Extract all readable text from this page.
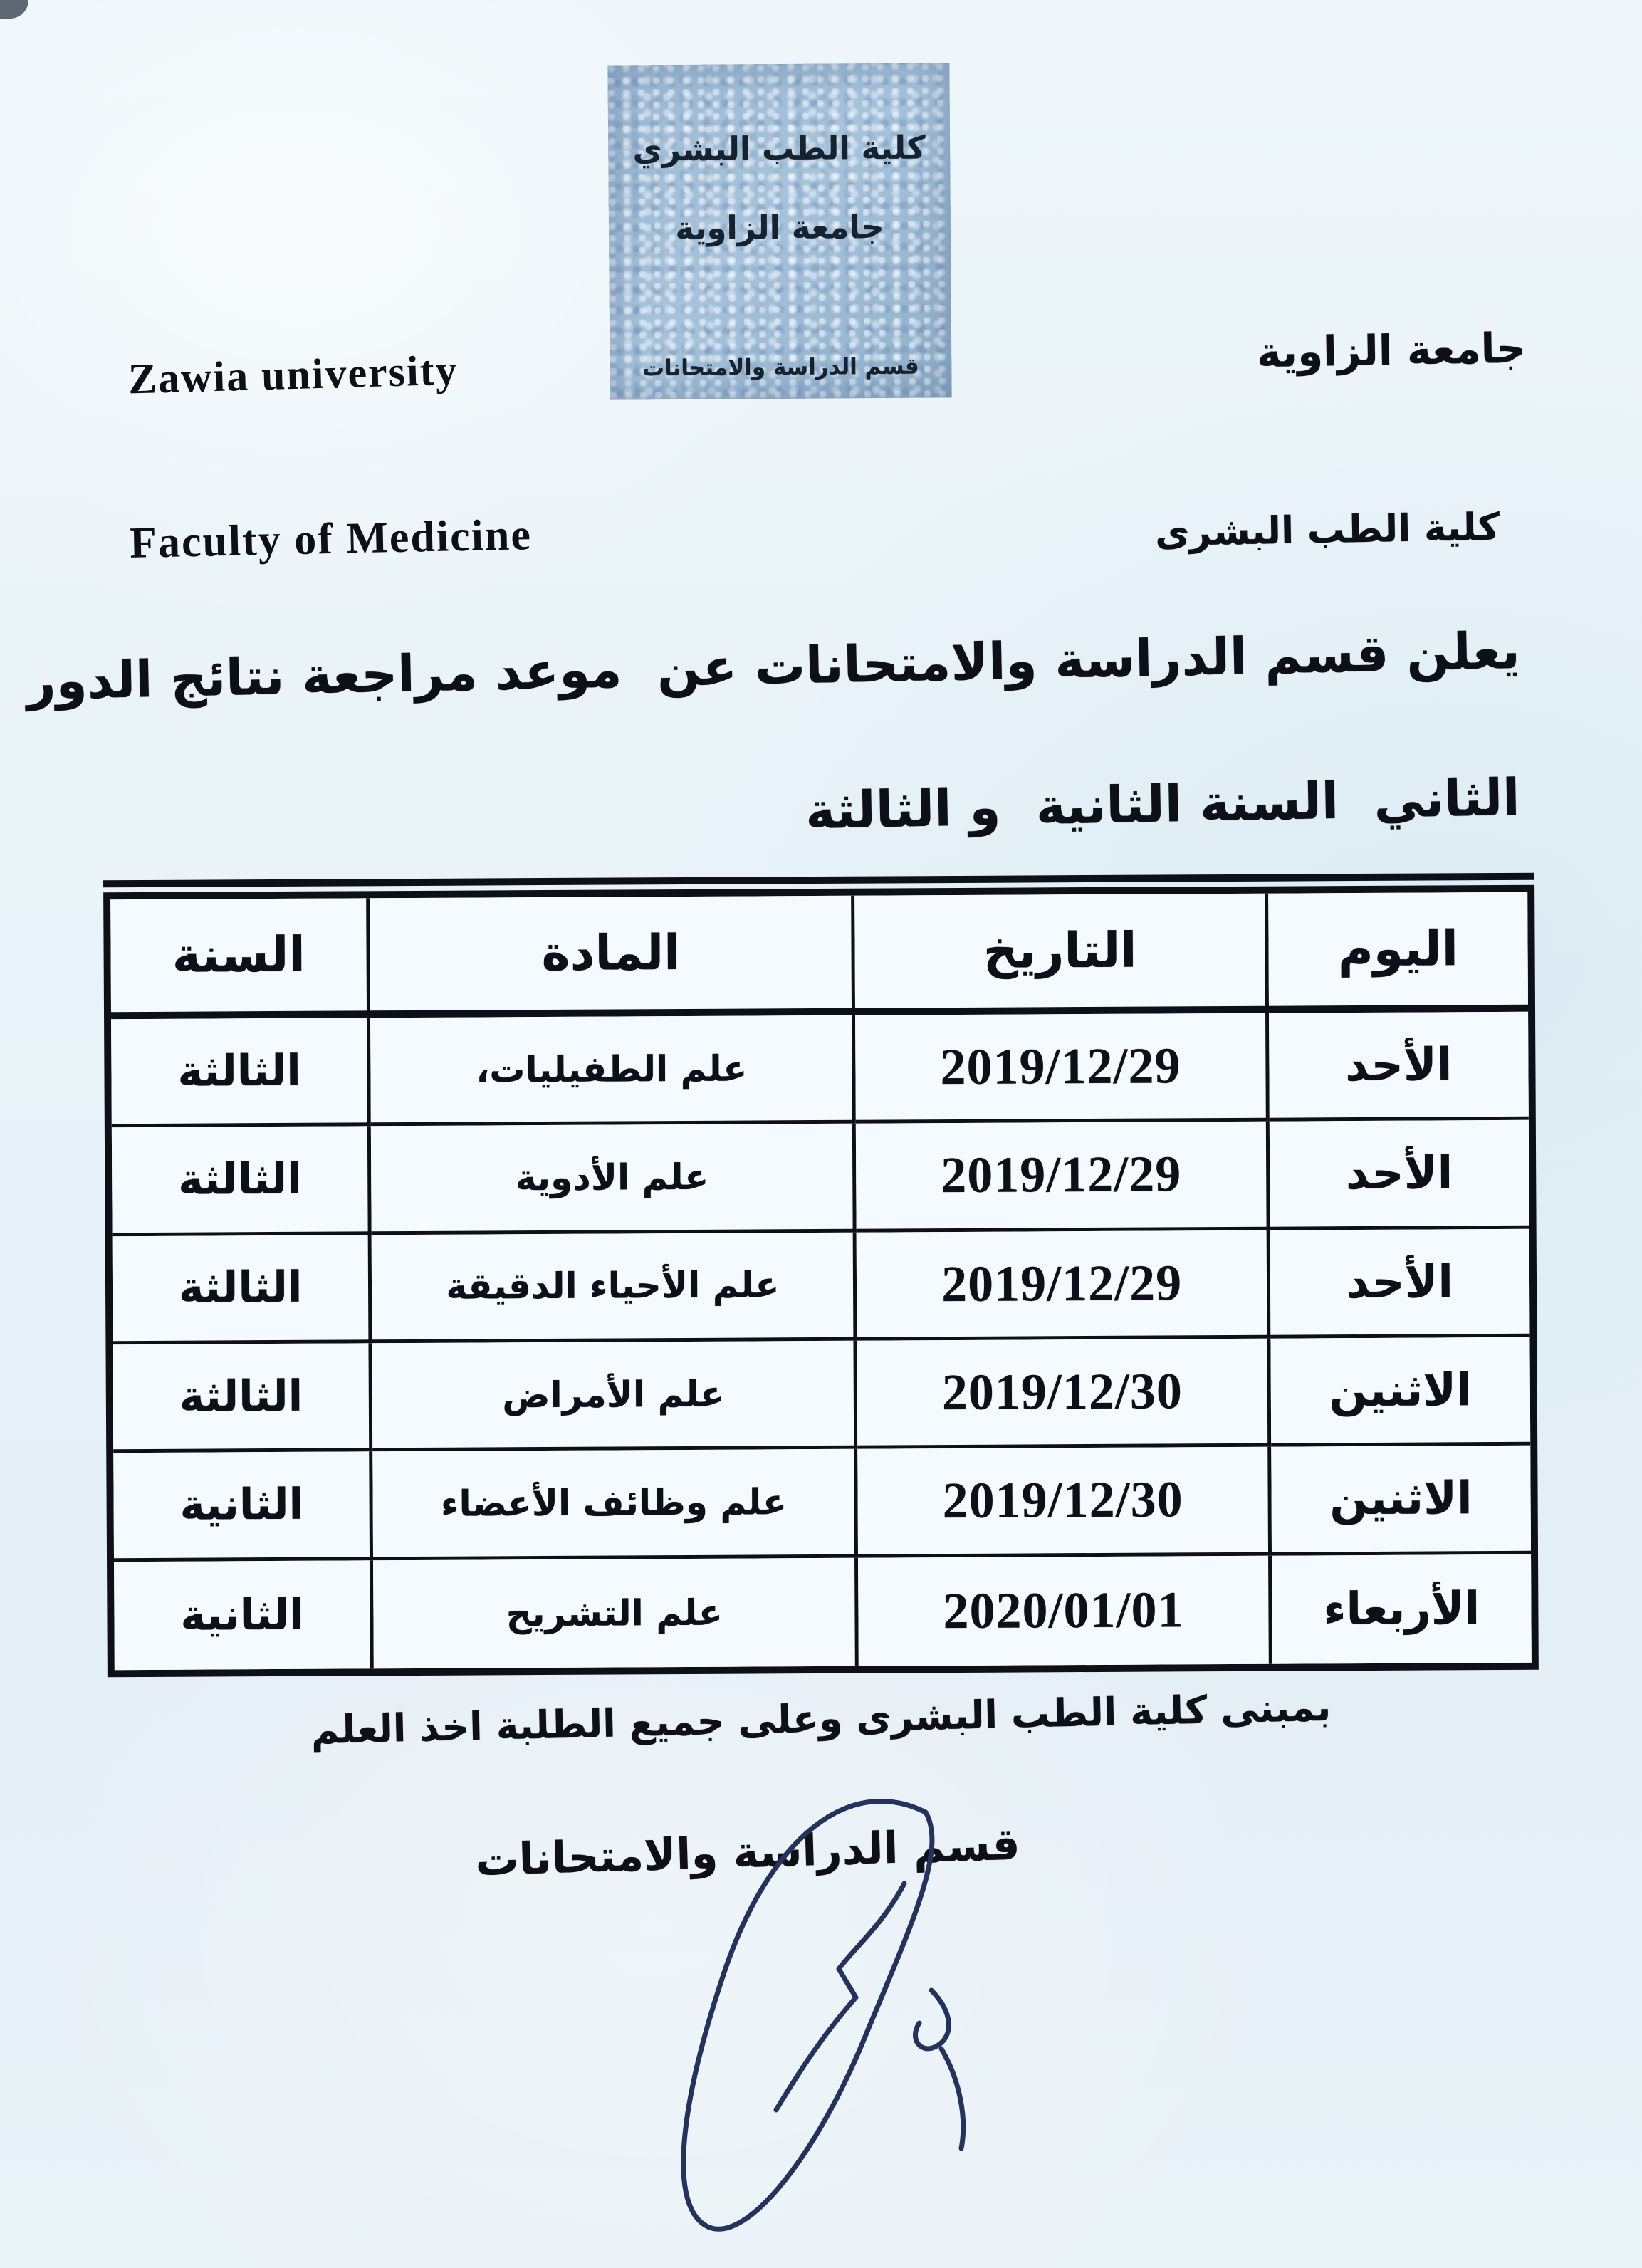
كلية الطب البشري
جامعة الزاوية
قسم الدراسة والامتحانات	جامعة الزاوية
Zawia university
Faculty of Medicine	كلية الطب البشرى
يعلن قسم الدراسة والامتحانات عن  موعد مراجعة نتائج الدور
الثاني  السنة الثانية  و الثالثة
السنة	المادة	التاريخ	اليوم
الثالثة	علم الطفيليات،	2019/12/29	الأحد
الثالثة	علم الأدوية	2019/12/29	الأحد
الثالثة	علم الأحياء الدقيقة	2019/12/29	الأحد
الثالثة	علم الأمراض	2019/12/30	الاثنين
الثانية	علم وظائف الأعضاء	2019/12/30	الاثنين
الثانية	علم التشريح	2020/01/01	الأربعاء
بمبنى كلية الطب البشرى وعلى جميع الطلبة اخذ العلم
قسم الدراسة والامتحانات
